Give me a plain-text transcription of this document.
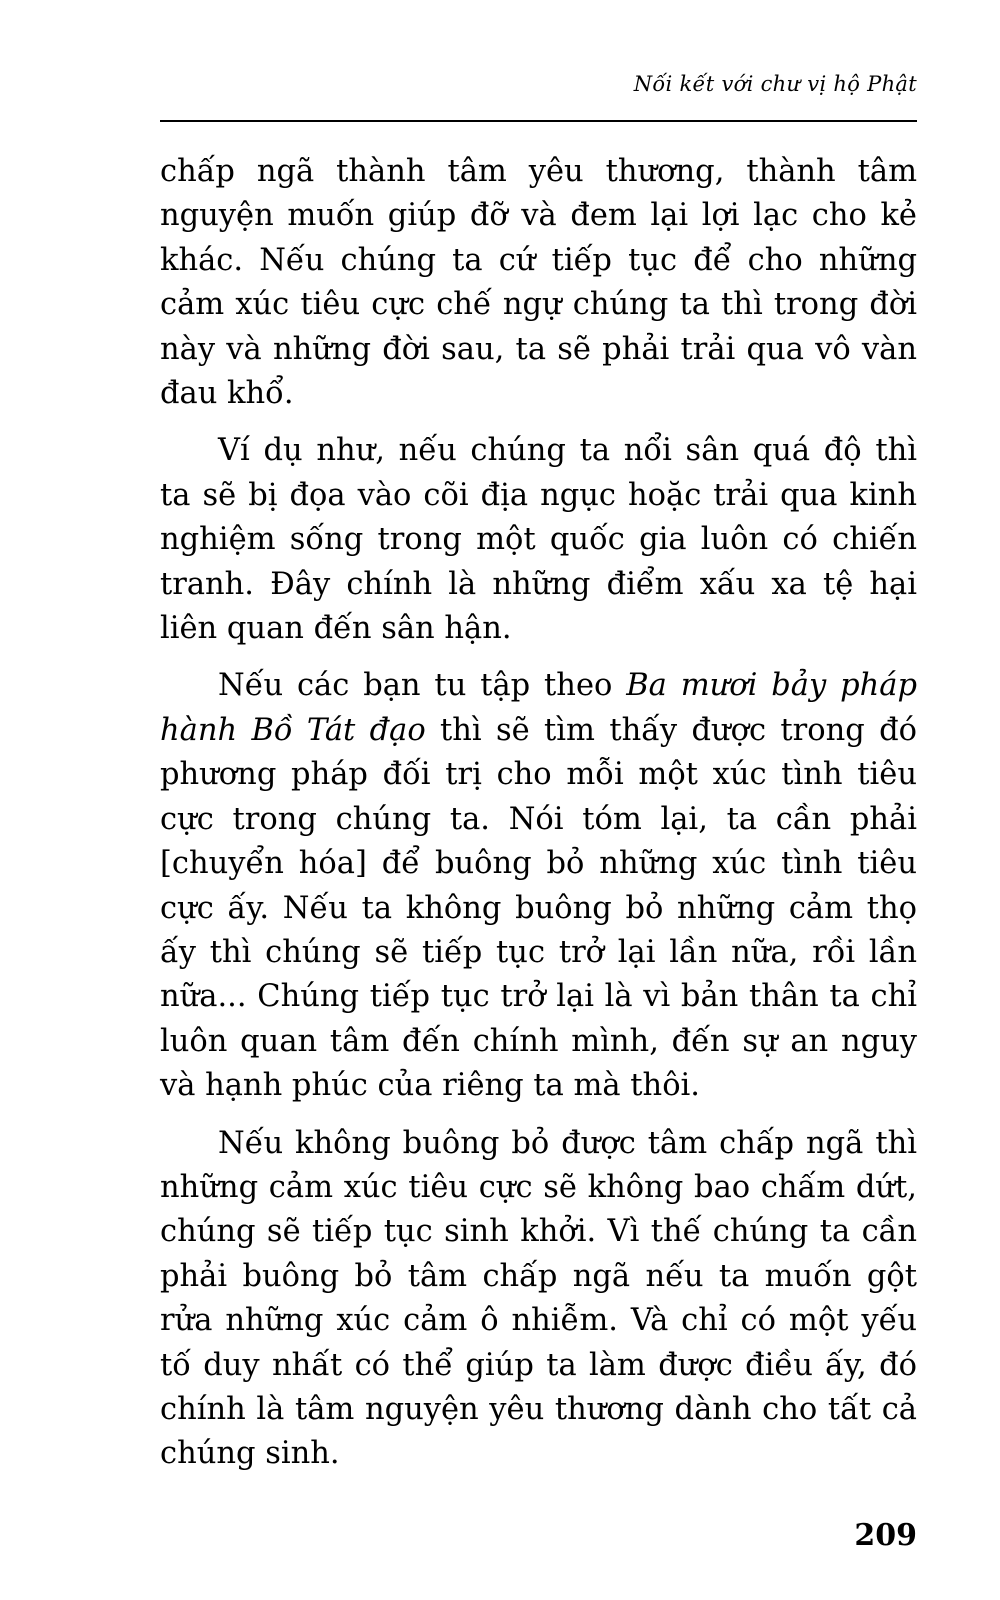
Nối kết với chư vị hộ Phật

chấp ngã thành tâm yêu thương, thành tâm nguyện muốn giúp đỡ và đem lại lợi lạc cho kẻ khác. Nếu chúng ta cứ tiếp tục để cho những cảm xúc tiêu cực chế ngự chúng ta thì trong đời này và những đời sau, ta sẽ phải trải qua vô vàn đau khổ.

Ví dụ như, nếu chúng ta nổi sân quá độ thì ta sẽ bị đọa vào cõi địa ngục hoặc trải qua kinh nghiệm sống trong một quốc gia luôn có chiến tranh. Đây chính là những điểm xấu xa tệ hại liên quan đến sân hận.

Nếu các bạn tu tập theo Ba mươi bảy pháp hành Bồ Tát đạo thì sẽ tìm thấy được trong đó phương pháp đối trị cho mỗi một xúc tình tiêu cực trong chúng ta. Nói tóm lại, ta cần phải [chuyển hóa] để buông bỏ những xúc tình tiêu cực ấy. Nếu ta không buông bỏ những cảm thọ ấy thì chúng sẽ tiếp tục trở lại lần nữa, rồi lần nữa... Chúng tiếp tục trở lại là vì bản thân ta chỉ luôn quan tâm đến chính mình, đến sự an nguy và hạnh phúc của riêng ta mà thôi.

Nếu không buông bỏ được tâm chấp ngã thì những cảm xúc tiêu cực sẽ không bao chấm dứt, chúng sẽ tiếp tục sinh khởi. Vì thế chúng ta cần phải buông bỏ tâm chấp ngã nếu ta muốn gột rửa những xúc cảm ô nhiễm. Và chỉ có một yếu tố duy nhất có thể giúp ta làm được điều ấy, đó chính là tâm nguyện yêu thương dành cho tất cả chúng sinh.

209
